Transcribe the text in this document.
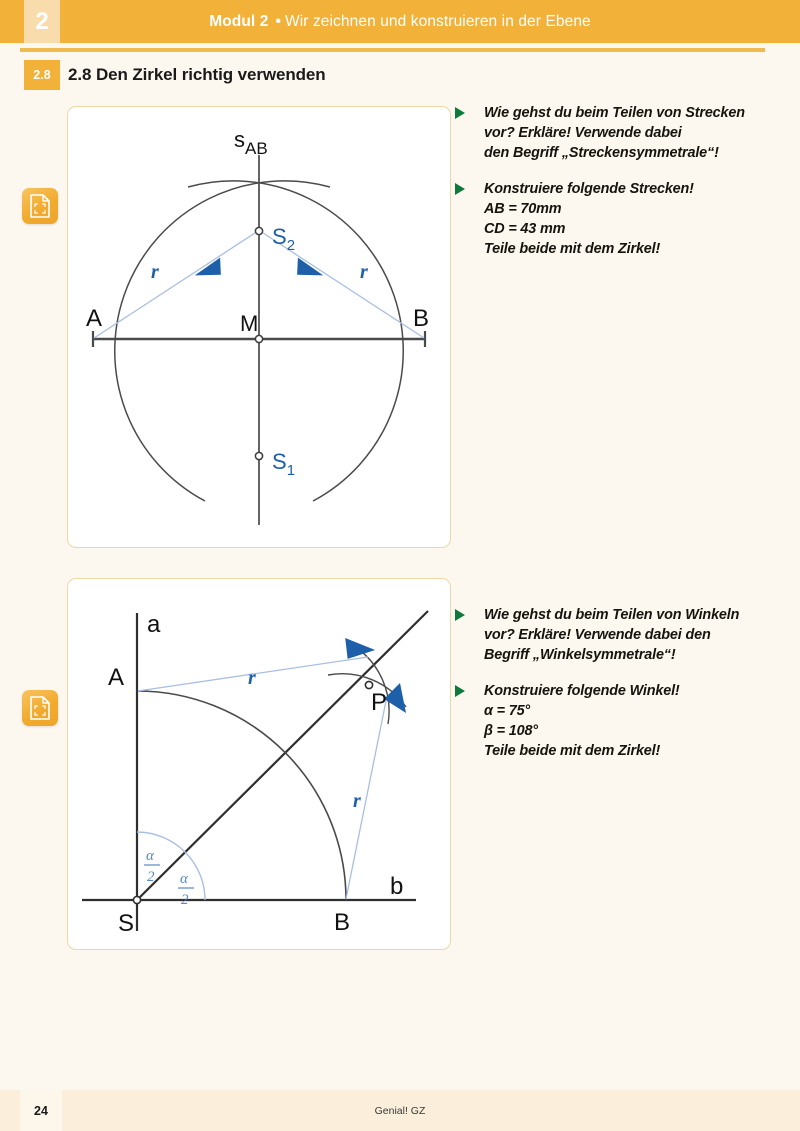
2	Modul 2 • Wir zeichnen und konstruieren in der Ebene
2.8	2.8 Den Zirkel richtig verwenden
r	r
$S_2$
M
$S_1$
A	B
$s_{AB}$
Wie gehst du beim Teilen von Strecken
vor? Erkläre! Verwende dabei
den Begriff „Streckensymmetrale“!
Konstruiere folgende Strecken!
AB = 70mm
CD = 43 mm
Teile beide mit dem Zirkel!
r
r
α
2 α
2
a
b
A
B
S
P
Wie gehst du beim Teilen von Winkeln
vor? Erkläre! Verwende dabei den
Begriff „Winkelsymmetrale“!
Konstruiere folgende Winkel!
α = 75°
β = 108°
Teile beide mit dem Zirkel!
Genial! GZ
24
